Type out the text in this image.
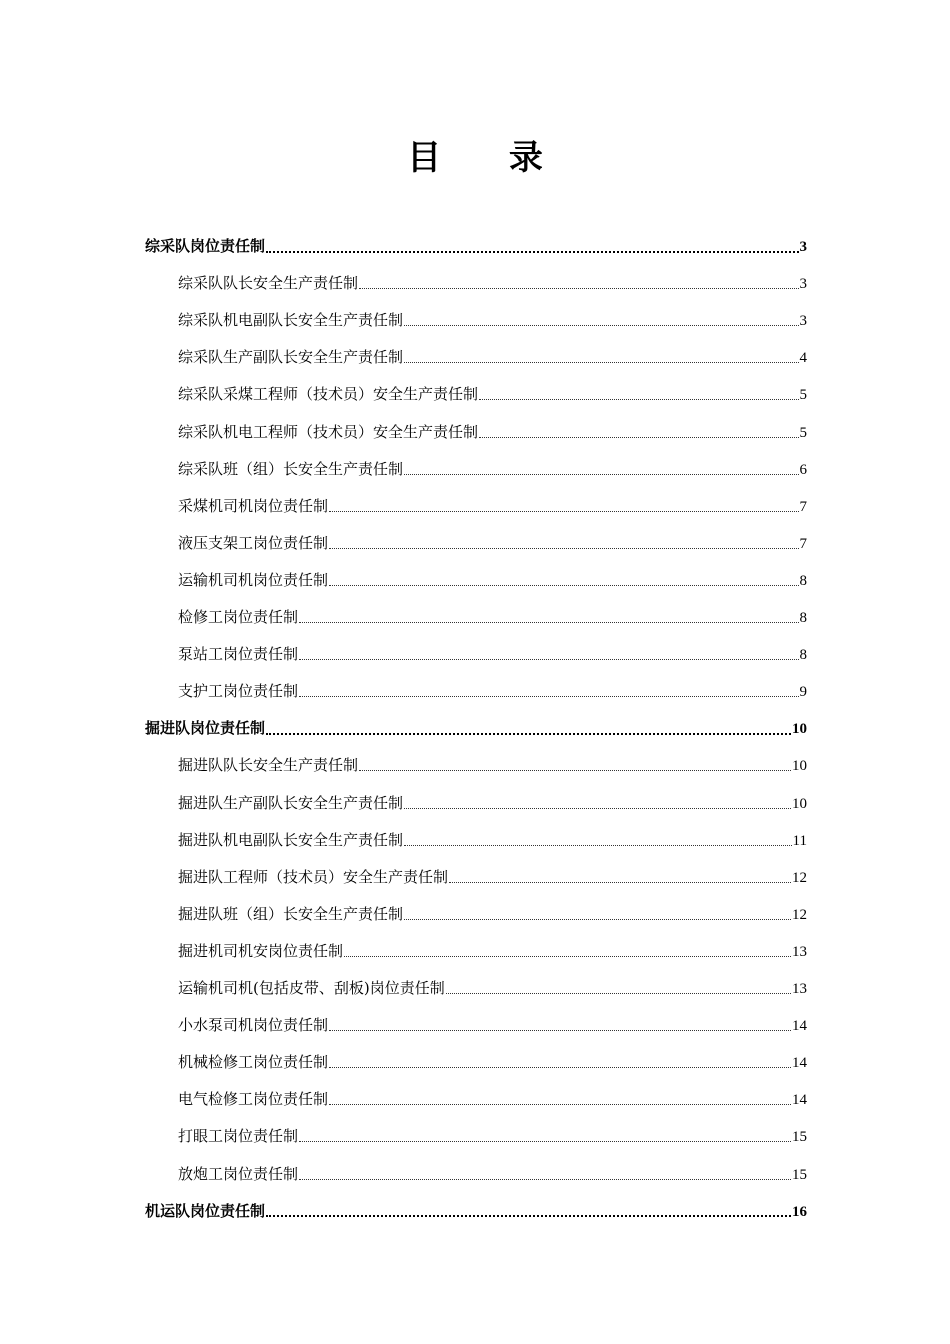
目 录
综采队岗位责任制	3
综采队队长安全生产责任制	3
综采队机电副队长安全生产责任制	3
综采队生产副队长安全生产责任制	4
综采队采煤工程师（技术员）安全生产责任制	5
综采队机电工程师（技术员）安全生产责任制	5
综采队班（组）长安全生产责任制	6
采煤机司机岗位责任制	7
液压支架工岗位责任制	7
运输机司机岗位责任制	8
检修工岗位责任制	8
泵站工岗位责任制	8
支护工岗位责任制	9
掘进队岗位责任制	10
掘进队队长安全生产责任制	10
掘进队生产副队长安全生产责任制	10
掘进队机电副队长安全生产责任制	11
掘进队工程师（技术员）安全生产责任制	12
掘进队班（组）长安全生产责任制	12
掘进机司机安岗位责任制	13
运输机司机(包括皮带、刮板)岗位责任制	13
小水泵司机岗位责任制	14
机械检修工岗位责任制	14
电气检修工岗位责任制	14
打眼工岗位责任制	15
放炮工岗位责任制	15
机运队岗位责任制	16
